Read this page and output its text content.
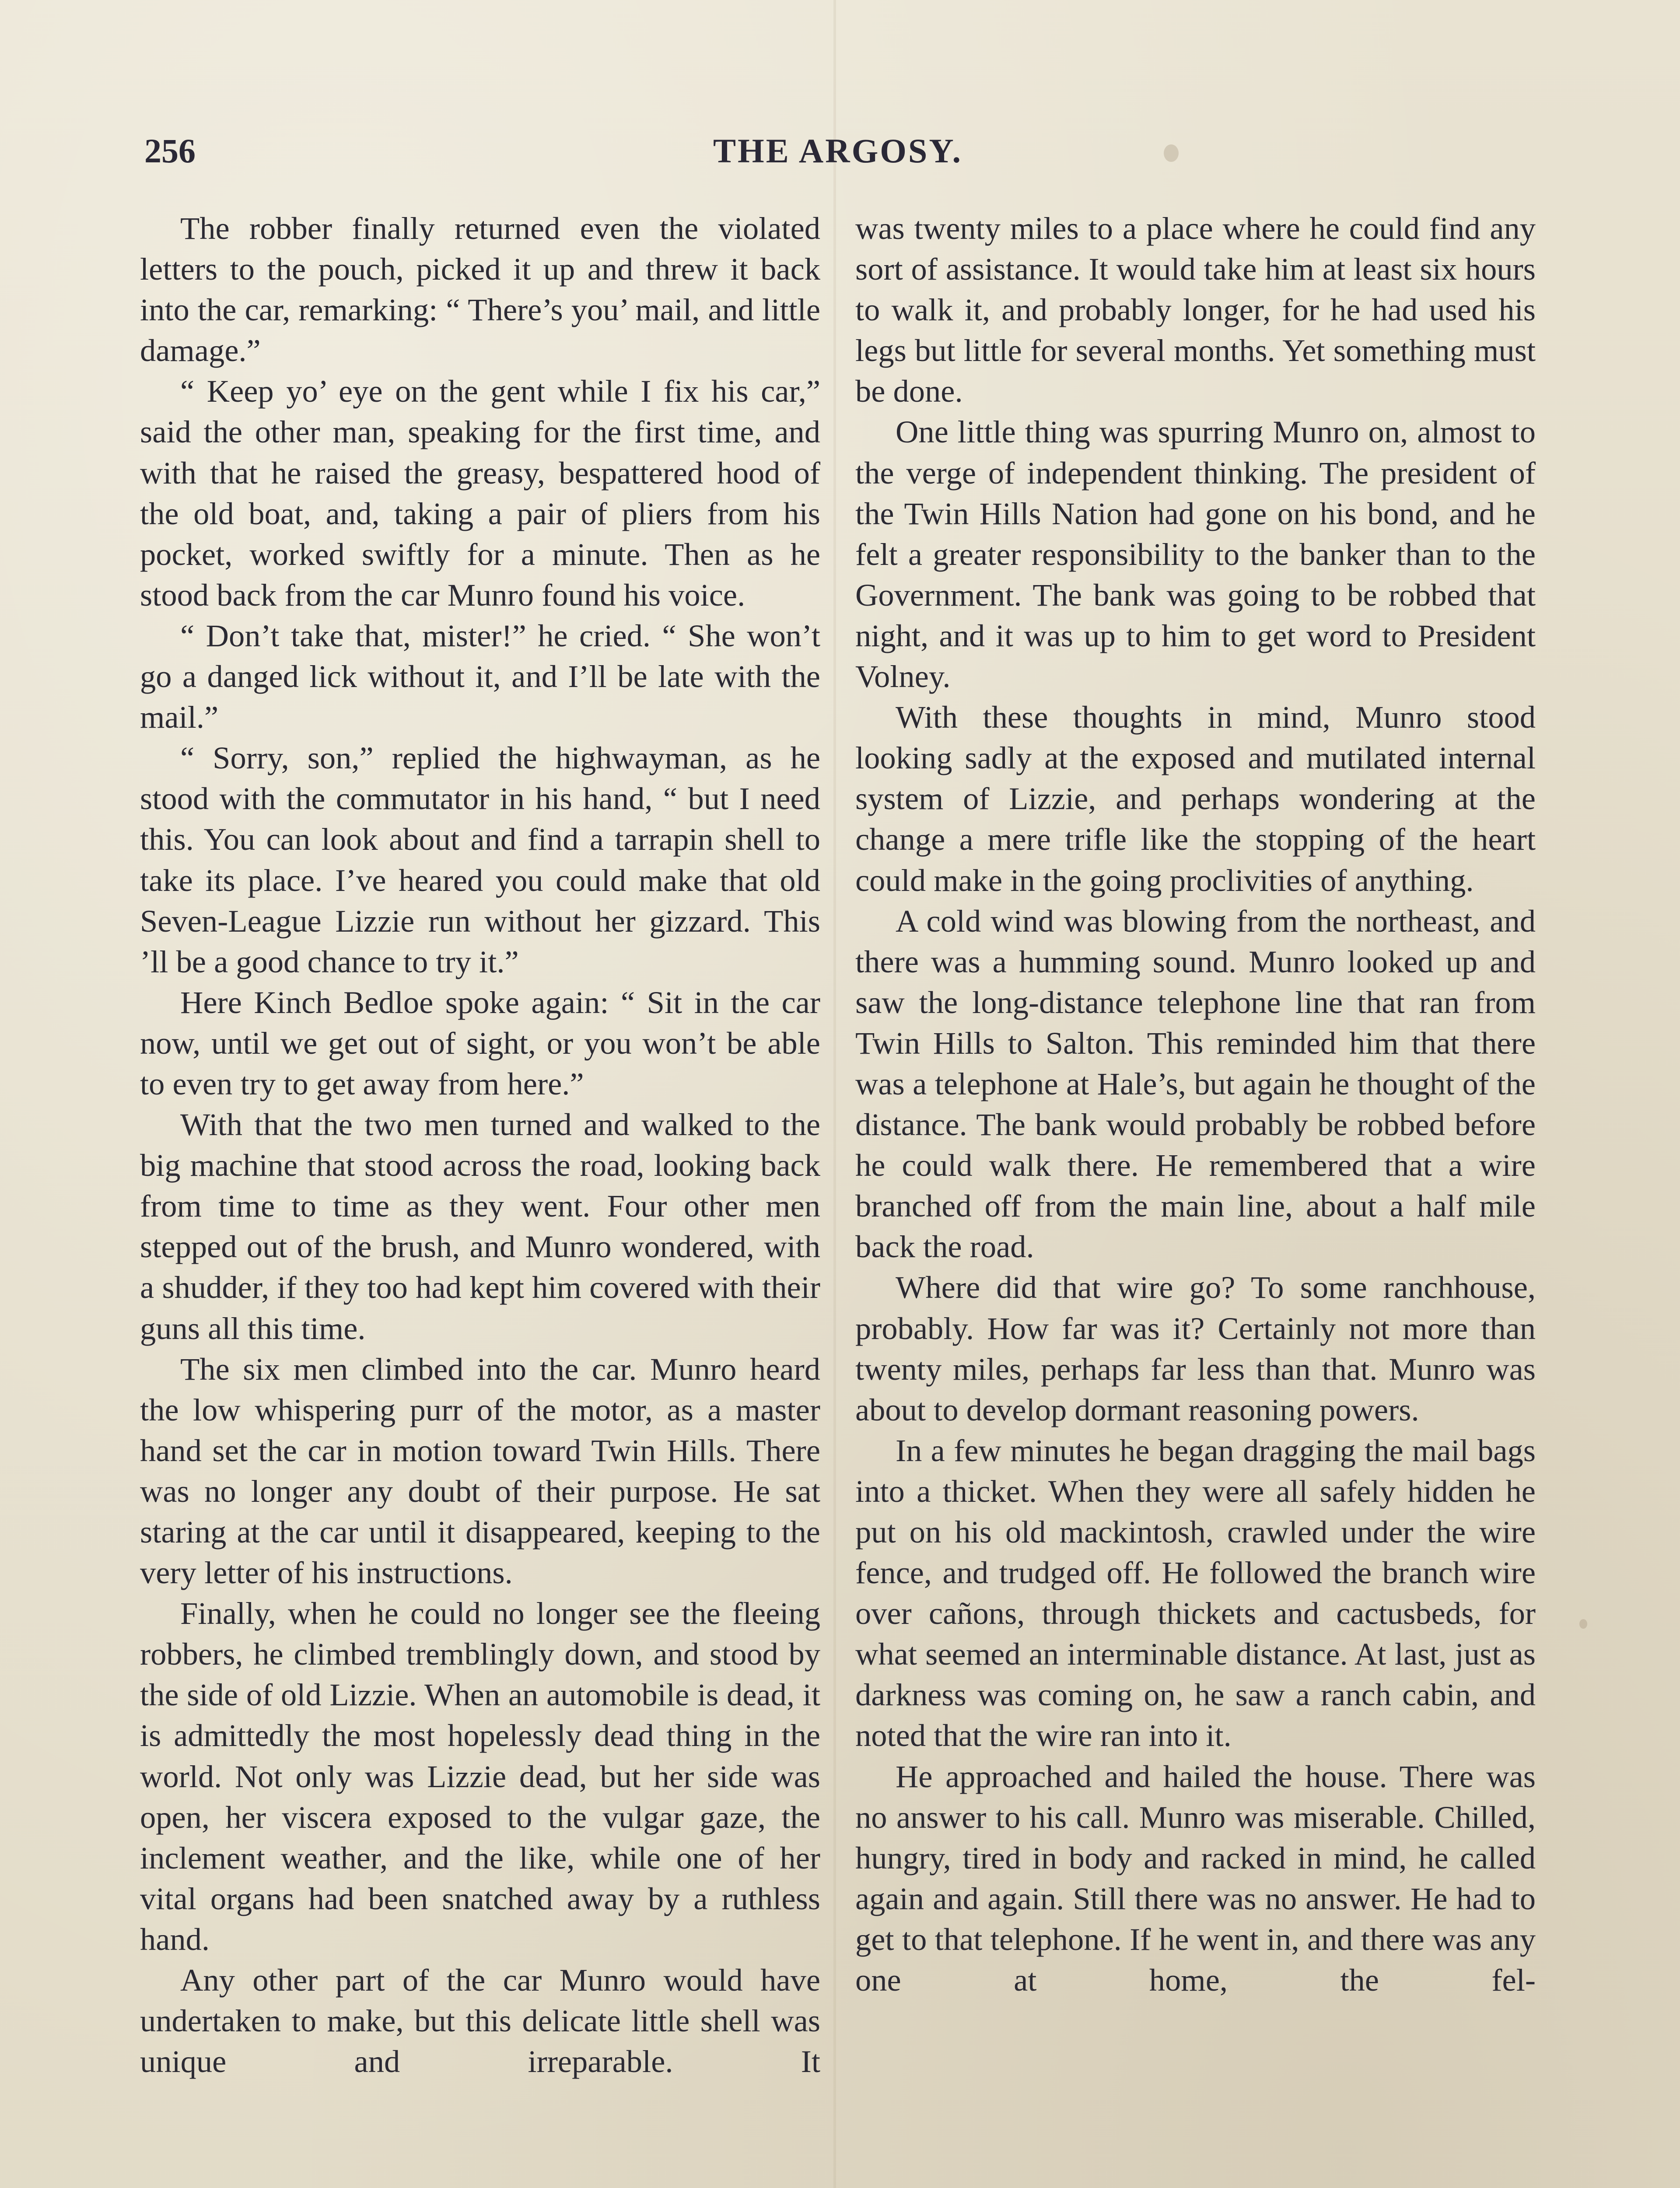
256	THE ARGOSY.

The robber finally returned even the violated letters to the pouch, picked it up and threw it back into the car, remarking: “ There’s you’ mail, and little damage.”

“ Keep yo’ eye on the gent while I fix his car,” said the other man, speaking for the first time, and with that he raised the greasy, bespattered hood of the old boat, and, taking a pair of pliers from his pocket, worked swiftly for a minute. Then as he stood back from the car Munro found his voice.

“ Don’t take that, mister!” he cried. “ She won’t go a danged lick without it, and I’ll be late with the mail.”

“ Sorry, son,” replied the highwayman, as he stood with the commutator in his hand, “ but I need this. You can look about and find a tarrapin shell to take its place. I’ve heared you could make that old Seven-League Lizzie run without her gizzard. This ’ll be a good chance to try it.”

Here Kinch Bedloe spoke again: “ Sit in the car now, until we get out of sight, or you won’t be able to even try to get away from here.”

With that the two men turned and walked to the big machine that stood across the road, looking back from time to time as they went. Four other men stepped out of the brush, and Munro wondered, with a shudder, if they too had kept him covered with their guns all this time.

The six men climbed into the car. Munro heard the low whispering purr of the motor, as a master hand set the car in motion toward Twin Hills. There was no longer any doubt of their purpose. He sat staring at the car until it disappeared, keeping to the very letter of his instructions.

Finally, when he could no longer see the fleeing robbers, he climbed tremblingly down, and stood by the side of old Lizzie. When an automobile is dead, it is admittedly the most hopelessly dead thing in the world. Not only was Lizzie dead, but her side was open, her viscera exposed to the vulgar gaze, the inclement weather, and the like, while one of her vital organs had been snatched away by a ruthless hand.

Any other part of the car Munro would have undertaken to make, but this delicate little shell was unique and irreparable. It

was twenty miles to a place where he could find any sort of assistance. It would take him at least six hours to walk it, and probably longer, for he had used his legs but little for several months. Yet something must be done.

One little thing was spurring Munro on, almost to the verge of independent thinking. The president of the Twin Hills Nation had gone on his bond, and he felt a greater responsibility to the banker than to the Government. The bank was going to be robbed that night, and it was up to him to get word to President Volney.

With these thoughts in mind, Munro stood looking sadly at the exposed and mutilated internal system of Lizzie, and perhaps wondering at the change a mere trifle like the stopping of the heart could make in the going proclivities of anything.

A cold wind was blowing from the northeast, and there was a humming sound. Munro looked up and saw the long-distance telephone line that ran from Twin Hills to Salton. This reminded him that there was a telephone at Hale’s, but again he thought of the distance. The bank would probably be robbed before he could walk there. He remembered that a wire branched off from the main line, about a half mile back the road.

Where did that wire go? To some ranchhouse, probably. How far was it? Certainly not more than twenty miles, perhaps far less than that. Munro was about to develop dormant reasoning powers.

In a few minutes he began dragging the mail bags into a thicket. When they were all safely hidden he put on his old mackintosh, crawled under the wire fence, and trudged off. He followed the branch wire over cañons, through thickets and cactusbeds, for what seemed an interminable distance. At last, just as darkness was coming on, he saw a ranch cabin, and noted that the wire ran into it.

He approached and hailed the house. There was no answer to his call. Munro was miserable. Chilled, hungry, tired in body and racked in mind, he called again and again. Still there was no answer. He had to get to that telephone. If he went in, and there was any one at home, the fel-
